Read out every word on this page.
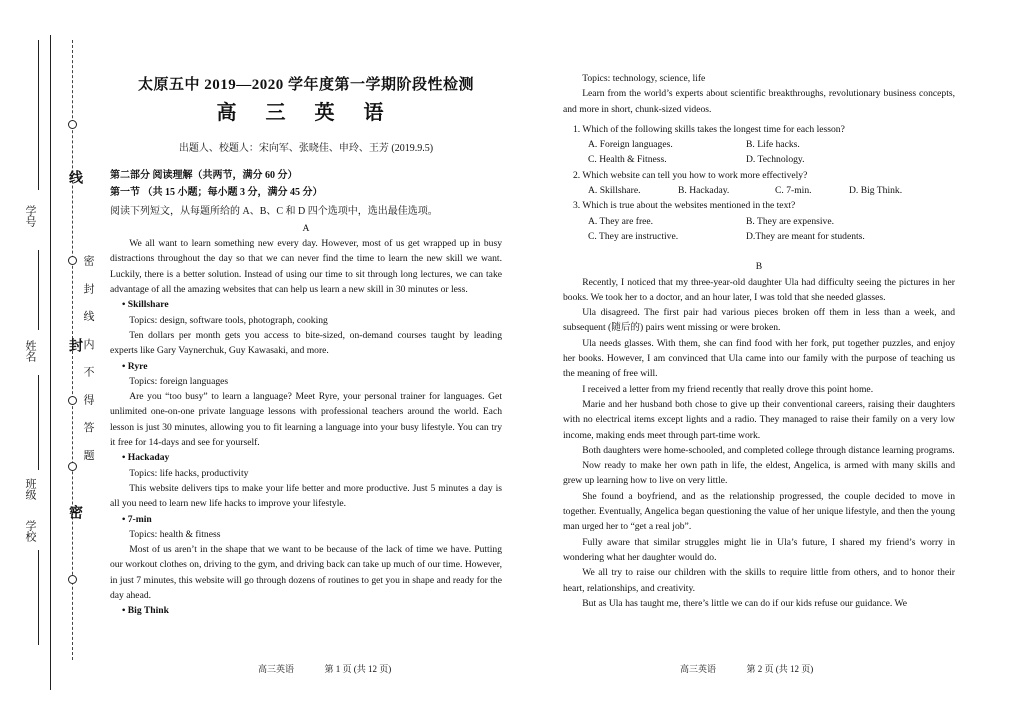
学号
姓名
班级
学校
线
封
密
密 封 线 内 不 得 答 题
太原五中 2019—2020 学年度第一学期阶段性检测
高 三 英 语
出题人、校题人：宋向军、张晓佳、申玲、王芳 (2019.9.5)

第二部分 阅读理解（共两节，满分 60 分）

第一节 （共 15 小题；每小题 3 分，满分 45 分）

阅读下列短文，从每题所给的 A、B、C 和 D 四个选项中，选出最佳选项。

A

We all want to learn something new every day. However, most of us get wrapped up in busy distractions throughout the day so that we can never find the time to learn the new skill we want. Luckily, there is a better solution. Instead of using our time to sit through long lectures, we can take advantage of all the amazing websites that can help us learn a new skill in 30 minutes or less.

• Skillshare

Topics: design, software tools, photograph, cooking

Ten dollars per month gets you access to bite-sized, on-demand courses taught by leading experts like Gary Vaynerchuk, Guy Kawasaki, and more.

• Ryre

Topics: foreign languages

Are you “too busy” to learn a language? Meet Ryre, your personal trainer for languages. Get unlimited one-on-one private language lessons with professional teachers around the world. Each lesson is just 30 minutes, allowing you to fit learning a language into your busy lifestyle. You can try it free for 14-days and see for yourself.

• Hackaday

Topics: life hacks, productivity

This website delivers tips to make your life better and more productive. Just 5 minutes a day is all you need to learn new life hacks to improve your lifestyle.

• 7-min

Topics: health & fitness

Most of us aren’t in the shape that we want to be because of the lack of time we have. Putting our workout clothes on, driving to the gym, and driving back can take up much of our time. However, in just 7 minutes, this website will go through dozens of routines to get you in shape and ready for the day ahead.

• Big Think

高三英语	第 1 页 (共 12 页)

Topics: technology, science, life

Learn from the world’s experts about scientific breakthroughs, revolutionary business concepts, and more in short, chunk-sized videos.

1. Which of the following skills takes the longest time for each lesson?

A. Foreign languages.	B. Life hacks.
C. Health & Fitness.	D. Technology.

2. Which website can tell you how to work more effectively?

A. Skillshare.	B. Hackaday.	C. 7-min.	D. Big Think.

3. Which is true about the websites mentioned in the text?

A. They are free.	B. They are expensive.
C. They are instructive.	D.They are meant for students.

B

Recently, I noticed that my three-year-old daughter Ula had difficulty seeing the pictures in her books. We took her to a doctor, and an hour later, I was told that she needed glasses.

Ula disagreed. The first pair had various pieces broken off them in less than a week, and subsequent (随后的) pairs went missing or were broken.

Ula needs glasses. With them, she can find food with her fork, put together puzzles, and enjoy her books. However, I am convinced that Ula came into our family with the purpose of teaching us the meaning of free will.

I received a letter from my friend recently that really drove this point home.

Marie and her husband both chose to give up their conventional careers, raising their daughters with no electrical items except lights and a radio. They managed to raise their family on a very low income, making ends meet through part-time work.

Both daughters were home-schooled, and completed college through distance learning programs.

Now ready to make her own path in life, the eldest, Angelica, is armed with many skills and grew up learning how to live on very little.

She found a boyfriend, and as the relationship progressed, the couple decided to move in together. Eventually, Angelica began questioning the value of her unique lifestyle, and then the young man urged her to “get a real job”.

Fully aware that similar struggles might lie in Ula’s future, I shared my friend’s worry in wondering what her daughter would do.

We all try to raise our children with the skills to require little from others, and to honor their heart, relationships, and creativity.

But as Ula has taught me, there’s little we can do if our kids refuse our guidance. We

高三英语	第 2 页 (共 12 页)
